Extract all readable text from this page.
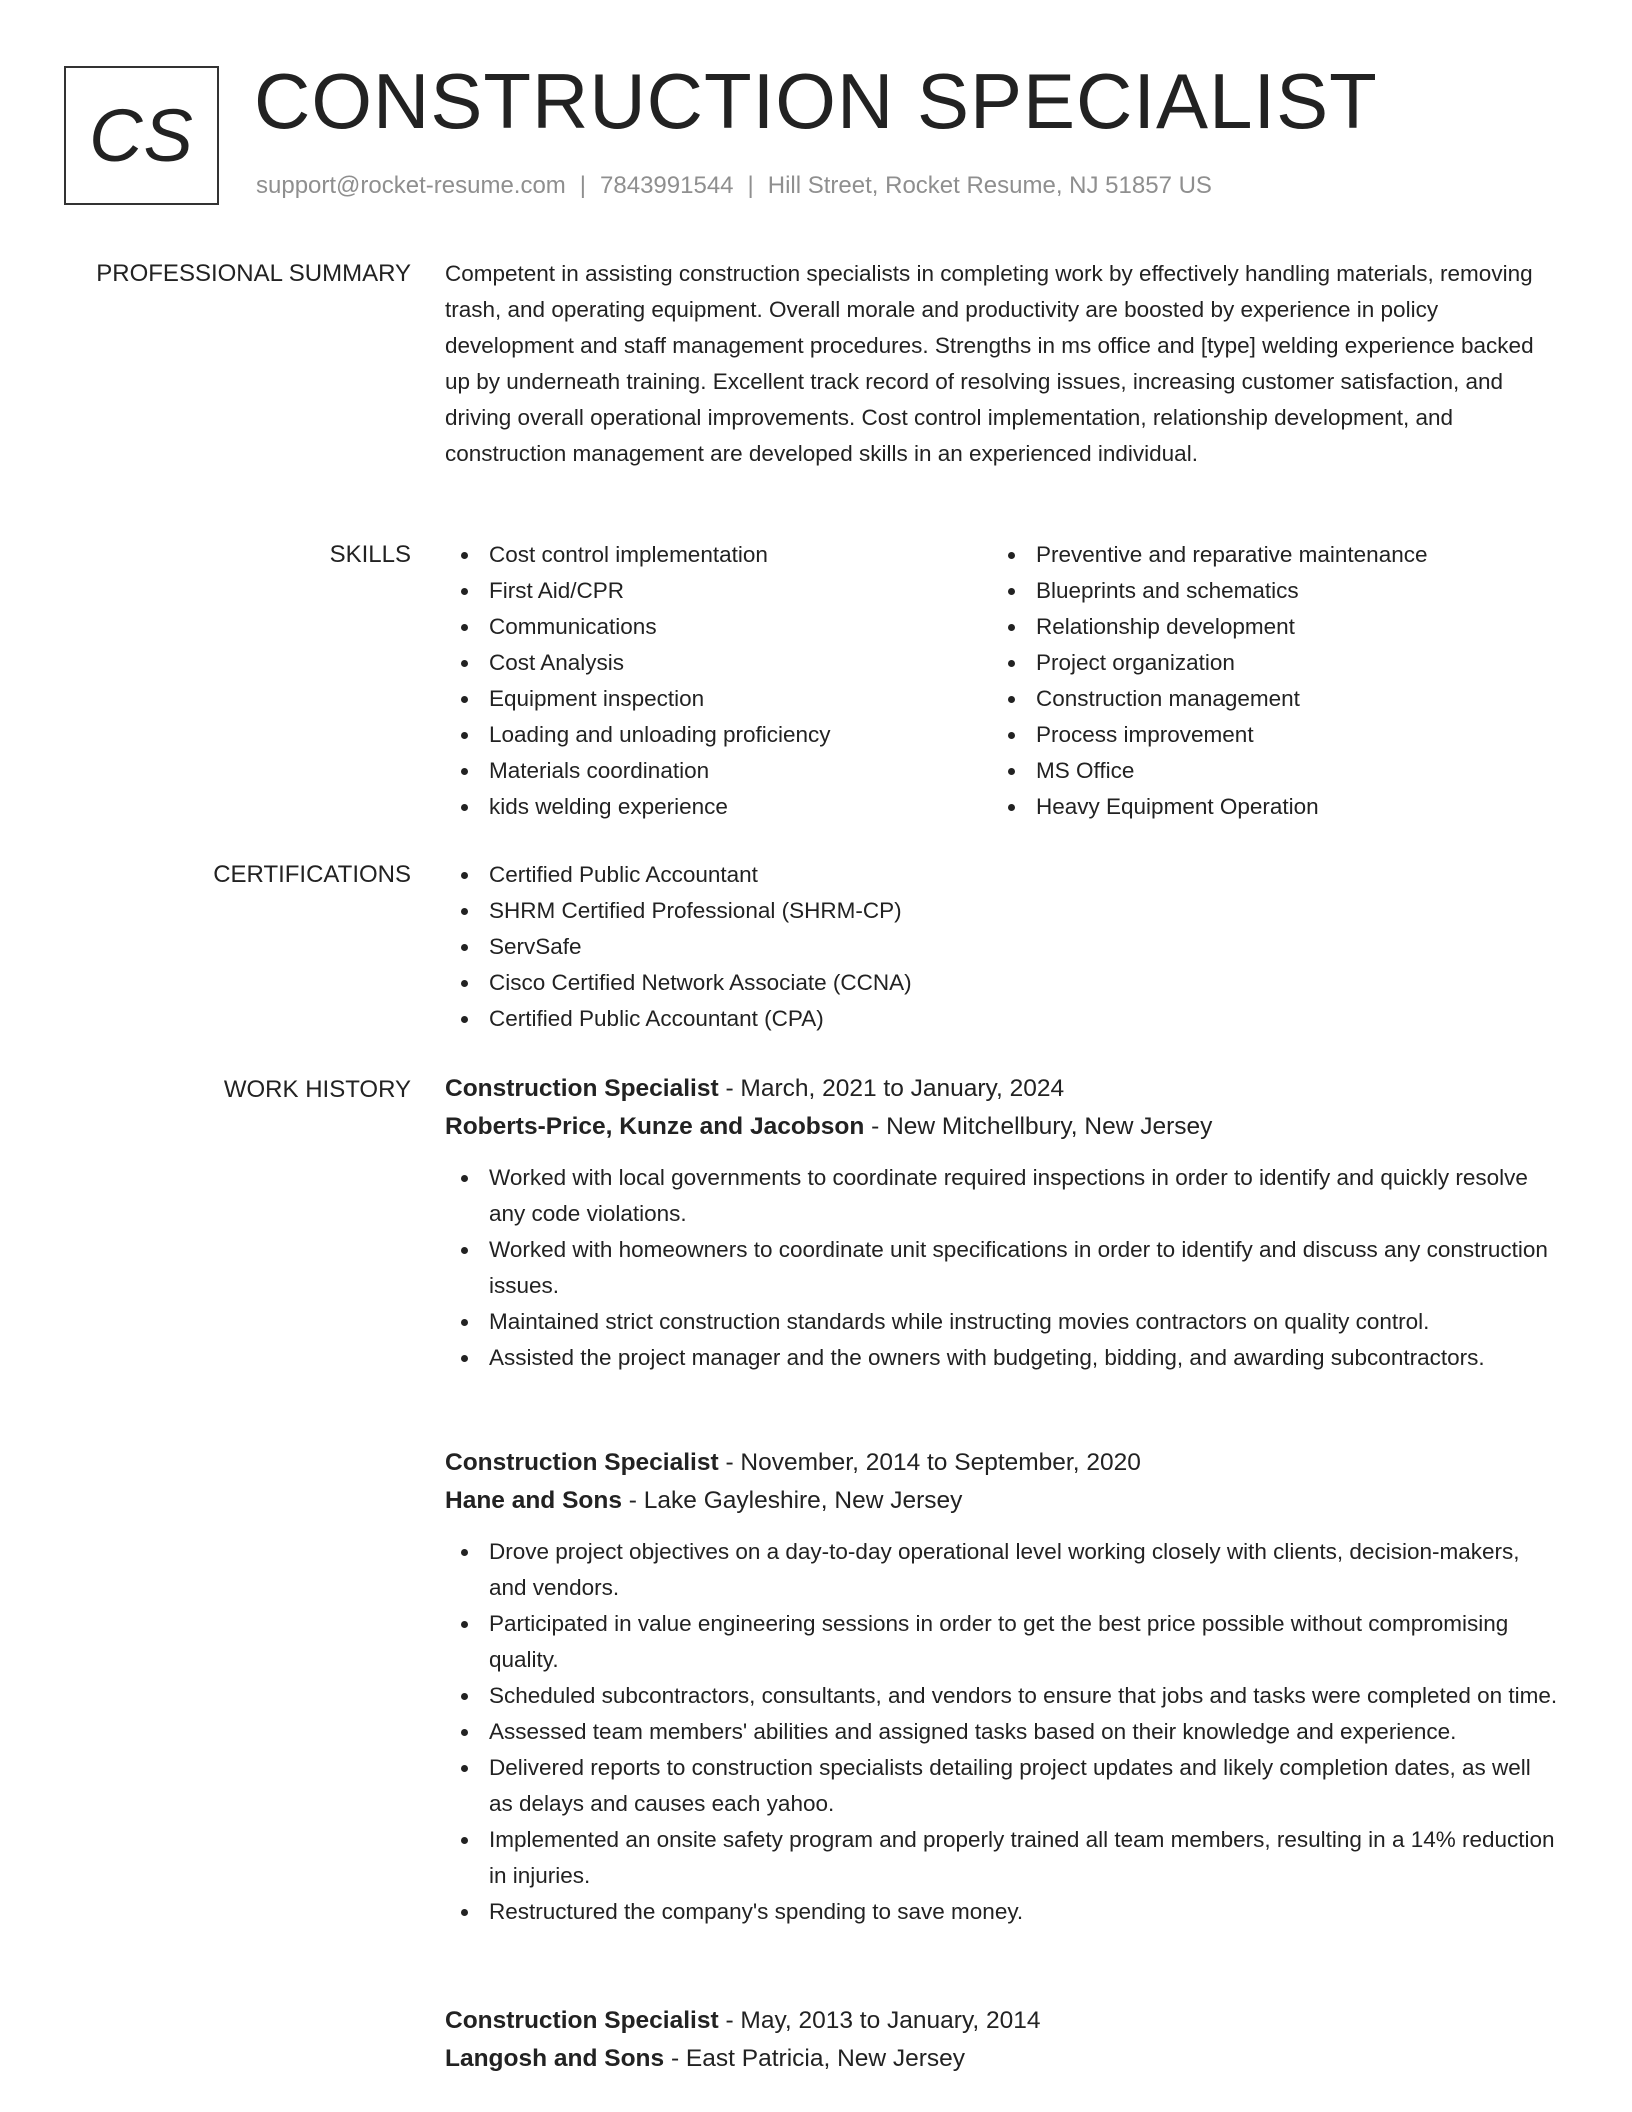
CS CONSTRUCTION SPECIALIST
support@rocket-resume.com | 7843991544 | Hill Street, Rocket Resume, NJ 51857 US
PROFESSIONAL SUMMARY Competent in assisting construction specialists in completing work by effectively handling materials, removing trash, and operating equipment. Overall morale and productivity are boosted by experience in policy development and staff management procedures. Strengths in ms office and [type] welding experience backed up by underneath training. Excellent track record of resolving issues, increasing customer satisfaction, and driving overall operational improvements. Cost control implementation, relationship development, and construction management are developed skills in an experienced individual.

SKILLS	Cost control implementation
First Aid/CPR
Communications
Cost Analysis
Equipment inspection
Loading and unloading proficiency
Materials coordination
kids welding experience
Preventive and reparative maintenance
Blueprints and schematics
Relationship development
Project organization
Construction management
Process improvement
MS Office
Heavy Equipment Operation
CERTIFICATIONS	Certified Public Accountant
SHRM Certified Professional (SHRM-CP)
ServSafe
Cisco Certified Network Associate (CCNA)
Certified Public Accountant (CPA)
WORK HISTORY Construction Specialist - March, 2021 to January, 2024
Roberts-Price, Kunze and Jacobson - New Mitchellbury, New Jersey
Worked with local governments to coordinate required inspections in order to identify and quickly resolve any code violations.
Worked with homeowners to coordinate unit specifications in order to identify and discuss any construction issues.
Maintained strict construction standards while instructing movies contractors on quality control.
Assisted the project manager and the owners with budgeting, bidding, and awarding subcontractors.
Construction Specialist - November, 2014 to September, 2020
Hane and Sons - Lake Gayleshire, New Jersey
Drove project objectives on a day-to-day operational level working closely with clients, decision-makers, and vendors.
Participated in value engineering sessions in order to get the best price possible without compromising quality.
Scheduled subcontractors, consultants, and vendors to ensure that jobs and tasks were completed on time.
Assessed team members' abilities and assigned tasks based on their knowledge and experience.
Delivered reports to construction specialists detailing project updates and likely completion dates, as well as delays and causes each yahoo.
Implemented an onsite safety program and properly trained all team members, resulting in a 14% reduction in injuries.
Restructured the company's spending to save money.
Construction Specialist - May, 2013 to January, 2014
Langosh and Sons - East Patricia, New Jersey
